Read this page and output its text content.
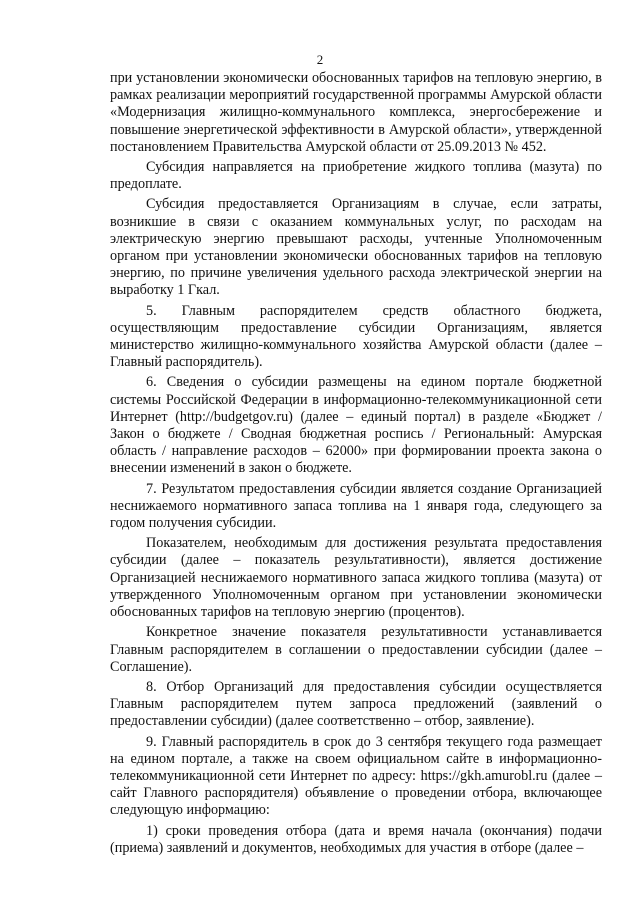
2

при установлении экономически обоснованных тарифов на тепловую энергию, в рамках реализации мероприятий государственной программы Амурской области «Модернизация жилищно-коммунального комплекса, энергосбережение и повышение энергетической эффективности в Амурской области», утвержденной постановлением Правительства Амурской области от 25.09.2013 № 452.

Субсидия направляется на приобретение жидкого топлива (мазута) по предоплате.

Субсидия предоставляется Организациям в случае, если затраты, возникшие в связи с оказанием коммунальных услуг, по расходам на электрическую энергию превышают расходы, учтенные Уполномоченным органом при установлении экономически обоснованных тарифов на тепловую энергию, по причине увеличения удельного расхода электрической энергии на выработку 1 Гкал.

5. Главным распорядителем средств областного бюджета, осуществляющим предоставление субсидии Организациям, является министерство жилищно-коммунального хозяйства Амурской области (далее – Главный распорядитель).

6. Сведения о субсидии размещены на едином портале бюджетной системы Российской Федерации в информационно-телекоммуникационной сети Интернет (http://budgetgov.ru) (далее – единый портал) в разделе «Бюджет / Закон о бюджете / Сводная бюджетная роспись / Региональный: Амурская область / направление расходов – 62000» при формировании проекта закона о внесении изменений в закон о бюджете.

7. Результатом предоставления субсидии является создание Организацией неснижаемого нормативного запаса топлива на 1 января года, следующего за годом получения субсидии.

Показателем, необходимым для достижения результата предоставления субсидии (далее – показатель результативности), является достижение Организацией неснижаемого нормативного запаса жидкого топлива (мазута) от утвержденного Уполномоченным органом при установлении экономически обоснованных тарифов на тепловую энергию (процентов).

Конкретное значение показателя результативности устанавливается Главным распорядителем в соглашении о предоставлении субсидии (далее – Соглашение).

8. Отбор Организаций для предоставления субсидии осуществляется Главным распорядителем путем запроса предложений (заявлений о предоставлении субсидии) (далее соответственно – отбор, заявление).

9. Главный распорядитель в срок до 3 сентября текущего года размещает на едином портале, а также на своем официальном сайте в информационно-телекоммуникационной сети Интернет по адресу: https://gkh.amurobl.ru (далее – сайт Главного распорядителя) объявление о проведении отбора, включающее следующую информацию:

1) сроки проведения отбора (дата и время начала (окончания) подачи (приема) заявлений и документов, необходимых для участия в отборе (далее –
